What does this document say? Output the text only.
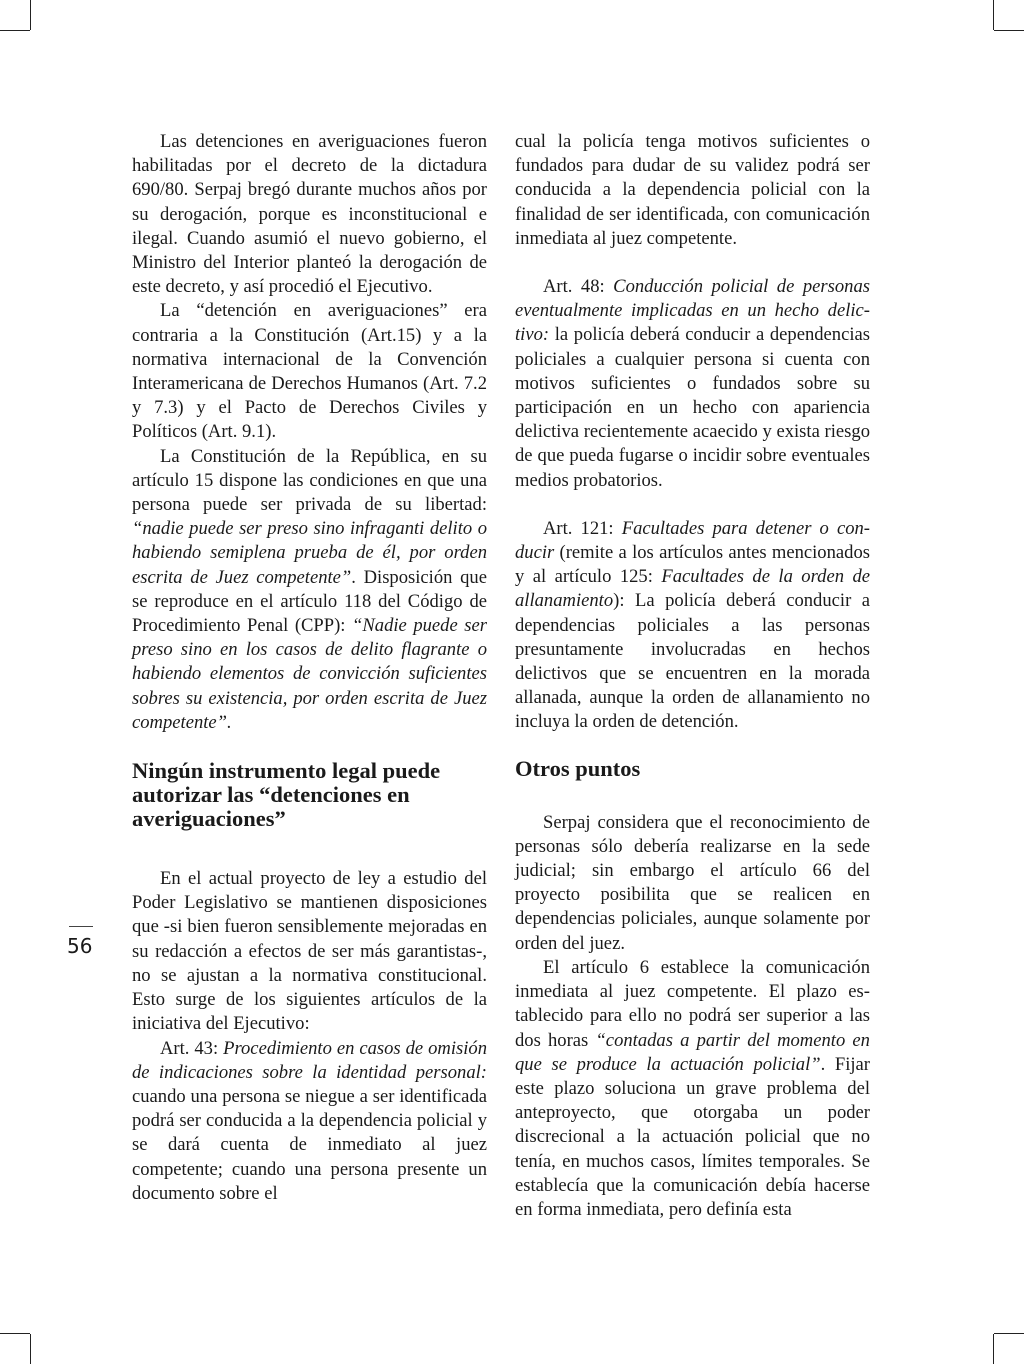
56

Las detenciones en averiguaciones fueron habilitadas por el decreto de la dictadura 690/80. Serpaj bregó durante muchos años por su derogación, porque es inconstitucional e ilegal. Cuando asumió el nuevo gobierno, el Ministro del Interior planteó la derogación de este decreto, y así procedió el Ejecutivo.

La “detención en averiguaciones” era contraria a la Constitución (Art.15) y a la normativa internacional de la Convención Interamericana de Derechos Humanos (Art. 7.2 y 7.3) y el Pacto de Derechos Civiles y Políticos (Art. 9.1).

La Constitución de la República, en su artículo 15 dispone las condiciones en que una persona puede ser privada de su libertad: “nadie puede ser preso sino infraganti delito o habiendo semiplena prueba de él, por orden escrita de Juez competente”. Disposición que se reproduce en el artículo 118 del Código de Procedimiento Penal (CPP): “Nadie puede ser preso sino en los casos de delito flagrante o habiendo elementos de convicción suficientes sobres su existencia, por orden escrita de Juez competente”.

Ningún instrumento legal puede autorizar las “detenciones en averiguaciones”

En el actual proyecto de ley a estudio del Poder Legislativo se mantienen disposiciones que -si bien fueron sensiblemente mejoradas en su redacción a efectos de ser más garantistas-, no se ajustan a la normativa constitucional. Esto surge de los siguientes artículos de la iniciativa del Ejecutivo:

Art. 43: Procedimiento en casos de omisión de indicaciones sobre la identidad personal: cuando una persona se niegue a ser identificada podrá ser conducida a la dependencia policial y se dará cuenta de inmediato al juez competente; cuando una persona presente un documento sobre el

cual la policía tenga motivos suficientes o fundados para dudar de su validez podrá ser conducida a la dependencia policial con la finalidad de ser identificada, con comunicación inmediata al juez competente.

Art. 48: Conducción policial de personas eventualmente implicadas en un hecho delictivo: la policía deberá conducir a dependencias policiales a cualquier persona si cuenta con motivos suficientes o fundados sobre su participación en un hecho con apariencia delictiva recientemente acaecido y exista riesgo de que pueda fugarse o incidir sobre eventuales medios probatorios.

Art. 121: Facultades para detener o conducir (remite a los artículos antes mencionados y al artículo 125: Facultades de la orden de allanamiento): La policía deberá conducir a dependencias policiales a las personas presuntamente involucradas en hechos delictivos que se encuentren en la morada allanada, aunque la orden de allanamiento no incluya la orden de detención.

Otros puntos

Serpaj considera que el reconocimiento de personas sólo debería realizarse en la sede judicial; sin embargo el artículo 66 del proyecto posibilita que se realicen en dependencias policiales, aunque solamente por orden del juez.

El artículo 6 establece la comunicación inmediata al juez competente. El plazo establecido para ello no podrá ser superior a las dos horas “contadas a partir del momento en que se produce la actuación policial”. Fijar este plazo soluciona un grave problema del anteproyecto, que otorgaba un poder discrecional a la actuación policial que no tenía, en muchos casos, límites temporales. Se establecía que la comunicación debía hacerse en forma inmediata, pero definía esta
